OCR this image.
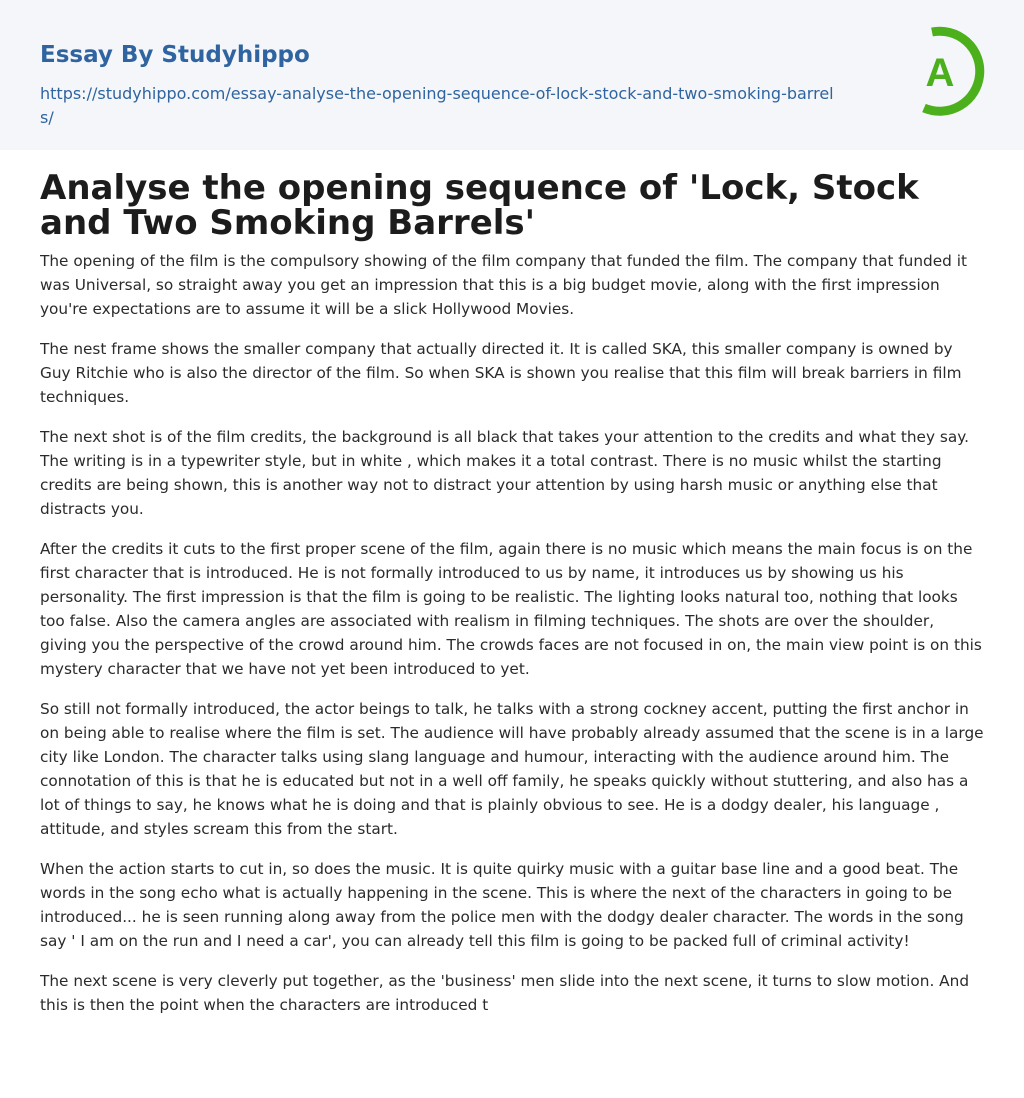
Essay By Studyhippo
https://studyhippo.com/essay-analyse-the-opening-sequence-of-lock-stock-and-two-smoking-barrels/
A
Analyse the opening sequence of 'Lock, Stock and Two Smoking Barrels'

The opening of the film is the compulsory showing of the film company that funded the film. The company that funded it was Universal, so straight away you get an impression that this is a big budget movie, along with the first impression you're expectations are to assume it will be a slick Hollywood Movies.

The nest frame shows the smaller company that actually directed it. It is called SKA, this smaller company is owned by Guy Ritchie who is also the director of the film. So when SKA is shown you realise that this film will break barriers in film techniques.

The next shot is of the film credits, the background is all black that takes your attention to the credits and what they say. The writing is in a typewriter style, but in white , which makes it a total contrast. There is no music whilst the starting credits are being shown, this is another way not to distract your attention by using harsh music or anything else that distracts you.

After the credits it cuts to the first proper scene of the film, again there is no music which means the main focus is on the first character that is introduced. He is not formally introduced to us by name, it introduces us by showing us his personality. The first impression is that the film is going to be realistic. The lighting looks natural too, nothing that looks too false. Also the camera angles are associated with realism in filming techniques. The shots are over the shoulder, giving you the perspective of the crowd around him. The crowds faces are not focused in on, the main view point is on this mystery character that we have not yet been introduced to yet.

So still not formally introduced, the actor beings to talk, he talks with a strong cockney accent, putting the first anchor in on being able to realise where the film is set. The audience will have probably already assumed that the scene is in a large city like London. The character talks using slang language and humour, interacting with the audience around him. The connotation of this is that he is educated but not in a well off family, he speaks quickly without stuttering, and also has a lot of things to say, he knows what he is doing and that is plainly obvious to see. He is a dodgy dealer, his language , attitude, and styles scream this from the start.

When the action starts to cut in, so does the music. It is quite quirky music with a guitar base line and a good beat. The words in the song echo what is actually happening in the scene. This is where the next of the characters in going to be introduced... he is seen running along away from the police men with the dodgy dealer character. The words in the song say ' I am on the run and I need a car', you can already tell this film is going to be packed full of criminal activity!

The next scene is very cleverly put together, as the 'business' men slide into the next scene, it turns to slow motion. And this is then the point when the characters are introduced t
